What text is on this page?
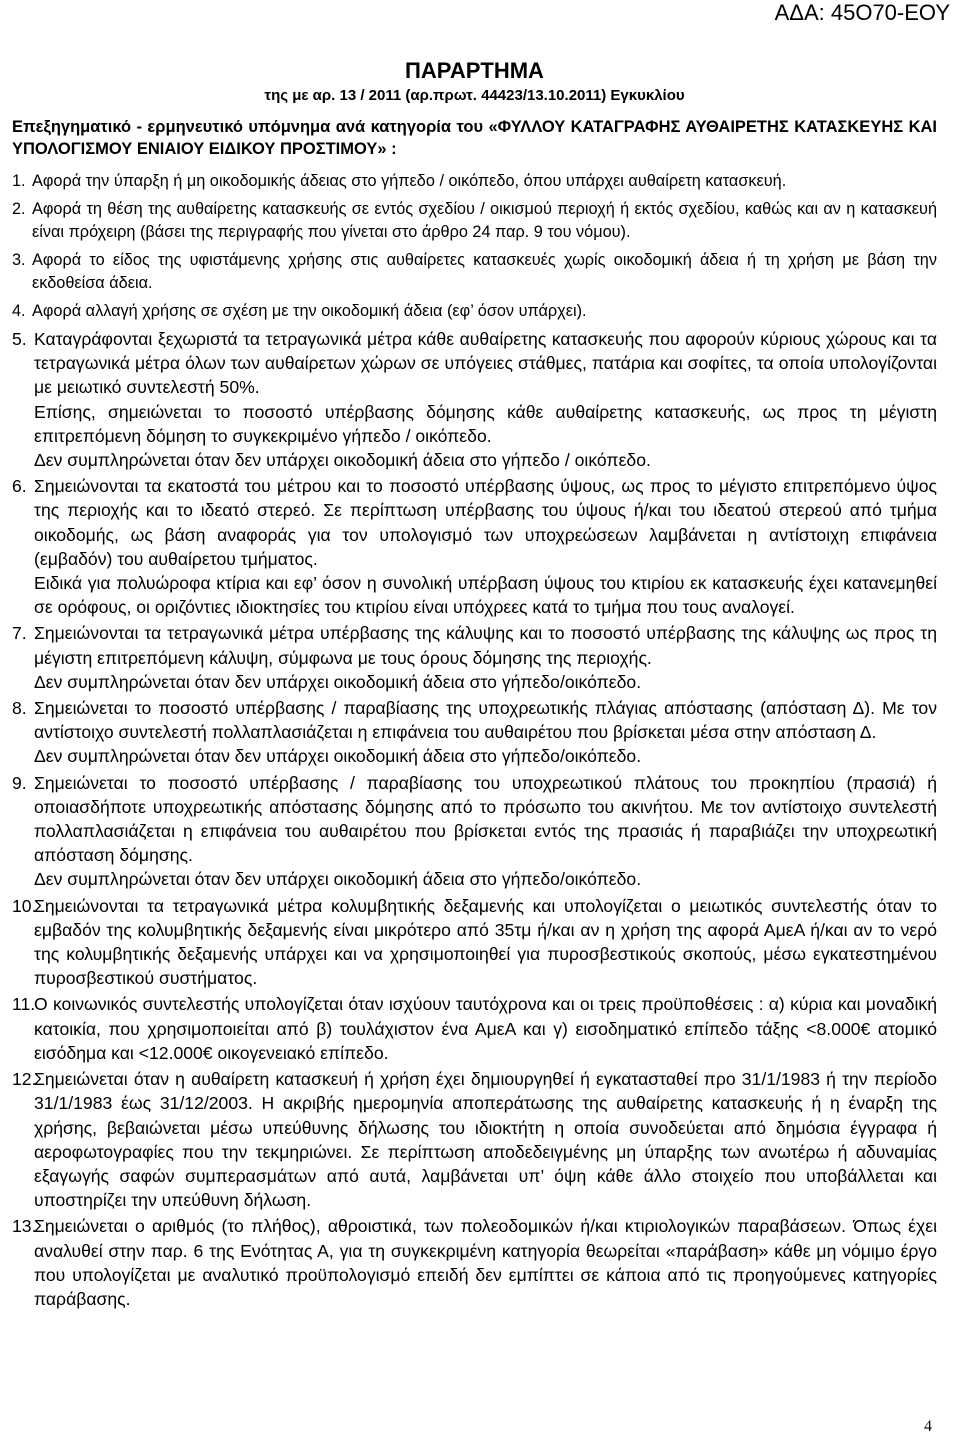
ΑΔΑ: 45Ο70-ΕΟΥ

ΠΑΡΑΡΤΗΜΑ

της με αρ. 13 / 2011 (αρ.πρωτ. 44423/13.10.2011) Εγκυκλίου

Επεξηγηματικό - ερμηνευτικό υπόμνημα ανά κατηγορία του «ΦΥΛΛΟΥ ΚΑΤΑΓΡΑΦΗΣ ΑΥΘΑΙΡΕΤΗΣ ΚΑΤΑΣΚΕΥΗΣ ΚΑΙ ΥΠΟΛΟΓΙΣΜΟΥ ΕΝΙΑΙΟΥ ΕΙΔΙΚΟΥ ΠΡΟΣΤΙΜΟΥ» :

1. Αφορά την ύπαρξη ή μη οικοδομικής άδειας στο γήπεδο / οικόπεδο, όπου υπάρχει αυθαίρετη κατασκευή.

2. Αφορά τη θέση της αυθαίρετης κατασκευής σε εντός σχεδίου / οικισμού περιοχή ή εκτός σχεδίου, καθώς και αν η κατασκευή είναι πρόχειρη (βάσει της περιγραφής που γίνεται στο άρθρο 24 παρ. 9 του νόμου).

3. Αφορά το είδος της υφιστάμενης χρήσης στις αυθαίρετες κατασκευές χωρίς οικοδομική άδεια ή τη χρήση με βάση την εκδοθείσα άδεια.

4. Αφορά αλλαγή χρήσης σε σχέση με την οικοδομική άδεια (εφ’ όσον υπάρχει).

5. Καταγράφονται ξεχωριστά τα τετραγωνικά μέτρα κάθε αυθαίρετης κατασκευής που αφορούν κύριους χώρους και τα τετραγωνικά μέτρα όλων των αυθαίρετων χώρων σε υπόγειες στάθμες, πατάρια και σοφίτες, τα οποία υπολογίζονται με μειωτικό συντελεστή 50%.

Επίσης, σημειώνεται το ποσοστό υπέρβασης δόμησης κάθε αυθαίρετης κατασκευής, ως προς τη μέγιστη επιτρεπόμενη δόμηση το συγκεκριμένο γήπεδο / οικόπεδο.

Δεν συμπληρώνεται όταν δεν υπάρχει οικοδομική άδεια στο γήπεδο / οικόπεδο.

6. Σημειώνονται τα εκατοστά του μέτρου και το ποσοστό υπέρβασης ύψους, ως προς το μέγιστο επιτρεπόμενο ύψος της περιοχής και το ιδεατό στερεό. Σε περίπτωση υπέρβασης του ύψους ή/και του ιδεατού στερεού από τμήμα οικοδομής, ως βάση αναφοράς για τον υπολογισμό των υποχρεώσεων λαμβάνεται η αντίστοιχη επιφάνεια (εμβαδόν) του αυθαίρετου τμήματος.

Ειδικά για πολυώροφα κτίρια και εφ’ όσον η συνολική υπέρβαση ύψους του κτιρίου εκ κατασκευής έχει κατανεμηθεί σε ορόφους, οι οριζόντιες ιδιοκτησίες του κτιρίου είναι υπόχρεες κατά το τμήμα που τους αναλογεί.

7. Σημειώνονται τα τετραγωνικά μέτρα υπέρβασης της κάλυψης και το ποσοστό υπέρβασης της κάλυψης ως προς τη μέγιστη επιτρεπόμενη κάλυψη, σύμφωνα με τους όρους δόμησης της περιοχής.

Δεν συμπληρώνεται όταν δεν υπάρχει οικοδομική άδεια στο γήπεδο/οικόπεδο.

8. Σημειώνεται το ποσοστό υπέρβασης / παραβίασης της υποχρεωτικής πλάγιας απόστασης (απόσταση Δ). Με τον αντίστοιχο συντελεστή πολλαπλασιάζεται η επιφάνεια του αυθαιρέτου που βρίσκεται μέσα στην απόσταση Δ.

Δεν συμπληρώνεται όταν δεν υπάρχει οικοδομική άδεια στο γήπεδο/οικόπεδο.

9. Σημειώνεται το ποσοστό υπέρβασης / παραβίασης του υποχρεωτικού πλάτους του προκηπίου (πρασιά) ή οποιασδήποτε υποχρεωτικής απόστασης δόμησης από το πρόσωπο του ακινήτου. Με τον αντίστοιχο συντελεστή πολλαπλασιάζεται η επιφάνεια του αυθαιρέτου που βρίσκεται εντός της πρασιάς ή παραβιάζει την υποχρεωτική απόσταση δόμησης.

Δεν συμπληρώνεται όταν δεν υπάρχει οικοδομική άδεια στο γήπεδο/οικόπεδο.

10.

Σημειώνονται τα τετραγωνικά μέτρα κολυμβητικής δεξαμενής και υπολογίζεται ο μειωτικός συντελεστής όταν το εμβαδόν της κολυμβητικής δεξαμενής είναι μικρότερο από 35τμ ή/και αν η χρήση της αφορά ΑμεΑ ή/και αν το νερό της κολυμβητικής δεξαμενής υπάρχει και να χρησιμοποιηθεί για πυροσβεστικούς σκοπούς, μέσω εγκατεστημένου πυροσβεστικού συστήματος.

11.

Ο κοινωνικός συντελεστής υπολογίζεται όταν ισχύουν ταυτόχρονα και οι τρεις προϋποθέσεις : α) κύρια και μοναδική κατοικία, που χρησιμοποιείται από β) τουλάχιστον ένα ΑμεΑ και γ) εισοδηματικό επίπεδο τάξης <8.000€ ατομικό εισόδημα και <12.000€ οικογενειακό επίπεδο.

12.

Σημειώνεται όταν η αυθαίρετη κατασκευή ή χρήση έχει δημιουργηθεί ή εγκατασταθεί προ 31/1/1983 ή την περίοδο 31/1/1983 έως 31/12/2003. Η ακριβής ημερομηνία αποπεράτωσης της αυθαίρετης κατασκευής ή η έναρξη της χρήσης, βεβαιώνεται μέσω υπεύθυνης δήλωσης του ιδιοκτήτη η οποία συνοδεύεται από δημόσια έγγραφα ή αεροφωτογραφίες που την τεκμηριώνει. Σε περίπτωση αποδεδειγμένης μη ύπαρξης των ανωτέρω ή αδυναμίας εξαγωγής σαφών συμπερασμάτων από αυτά, λαμβάνεται υπ’ όψη κάθε άλλο στοιχείο που υποβάλλεται και υποστηρίζει την υπεύθυνη δήλωση.

13.

Σημειώνεται ο αριθμός (το πλήθος), αθροιστικά, των πολεοδομικών ή/και κτιριολογικών παραβάσεων. Όπως έχει αναλυθεί στην παρ. 6 της Ενότητας Α, για τη συγκεκριμένη κατηγορία θεωρείται «παράβαση» κάθε μη νόμιμο έργο που υπολογίζεται με αναλυτικό προϋπολογισμό επειδή δεν εμπίπτει σε κάποια από τις προηγούμενες κατηγορίες παράβασης.

4
